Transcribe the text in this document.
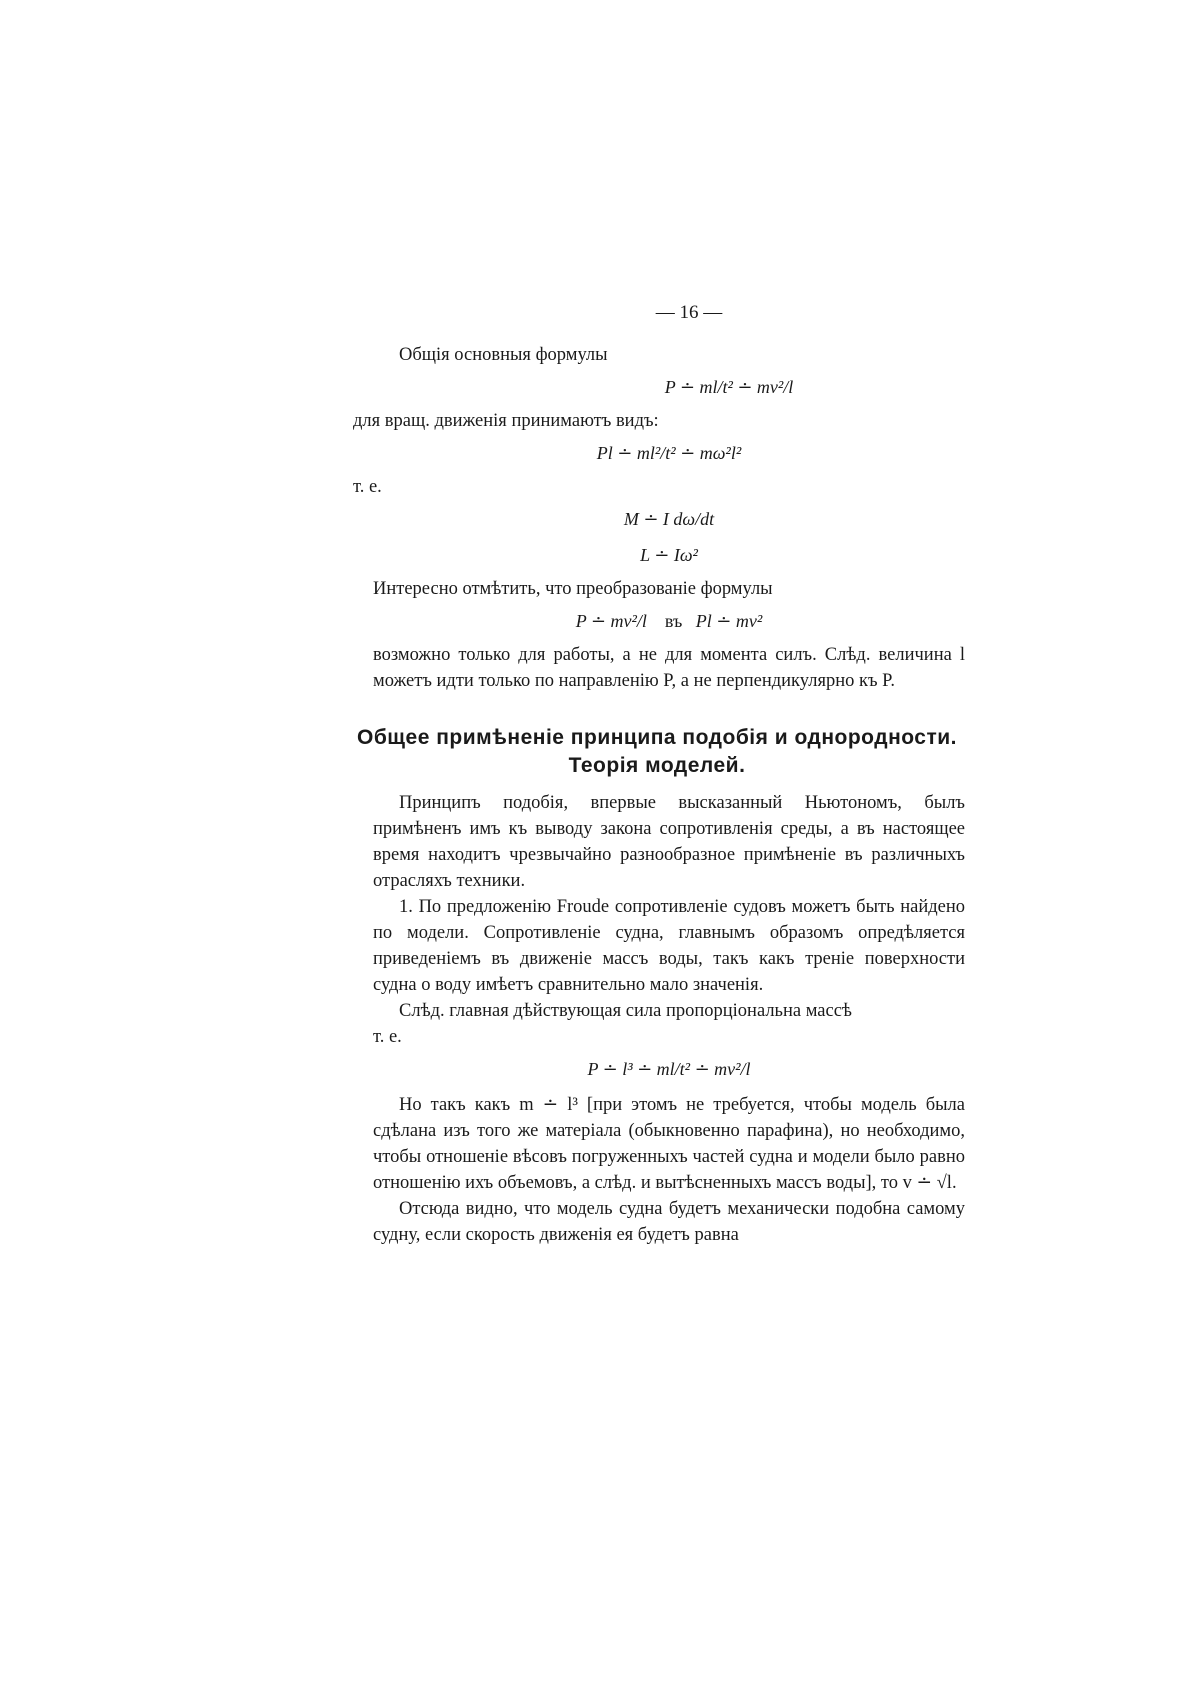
— 16 —

Общія основныя формулы

P ∸ ml/t² ∸ mv²/l

для вращ. движенія принимаютъ видъ:

Pl ∸ ml²/t² ∸ mω²l²

т. е.

M ∸ I dω/dt
L ∸ Iω²

Интересно отмѣтить, что преобразованіе формулы

P ∸ mv²/l въ Pl ∸ mv²

возможно только для работы, а не для момента силъ. Слѣд. величина l можетъ идти только по направленію P, а не перпендикулярно къ P.

Общее примѣненіе принципа подобія и однородности. Теорія моделей.

Принципъ подобія, впервые высказанный Ньютономъ, былъ примѣненъ имъ къ выводу закона сопротивленія среды, а въ настоящее время находитъ чрезвычайно разнообразное примѣненіе въ различныхъ отрасляхъ техники.

1. По предложенію Froude сопротивленіе судовъ можетъ быть найдено по модели. Сопротивленіе судна, главнымъ образомъ опредѣляется приведеніемъ въ движеніе массъ воды, такъ какъ треніе поверхности судна о воду имѣетъ сравнительно мало значенія.

Слѣд. главная дѣйствующая сила пропорціональна массѣ

т. е.

P ∸ l³ ∸ ml/t² ∸ mv²/l

Но такъ какъ m ∸ l³ [при этомъ не требуется, чтобы модель была сдѣлана изъ того же матеріала (обыкновенно парафина), но необходимо, чтобы отношеніе вѣсовъ погруженныхъ частей судна и модели было равно отношенію ихъ объемовъ, а слѣд. и вытѣсненныхъ массъ воды], то v ∸ √l.

Отсюда видно, что модель судна будетъ механически подобна самому судну, если скорость движенія ея будетъ равна
